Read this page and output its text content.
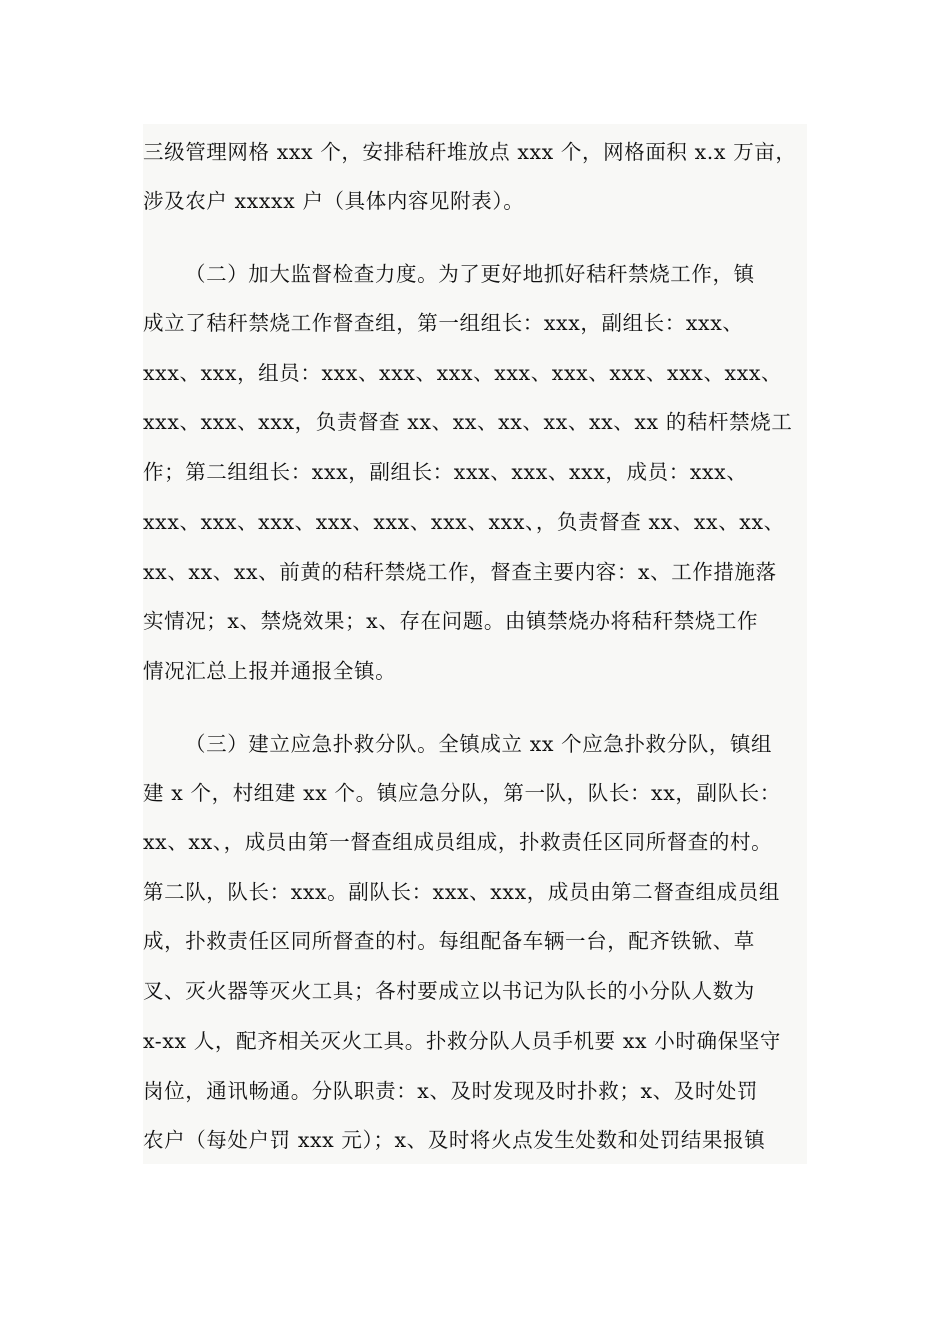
三级管理网格 xxx 个，安排秸秆堆放点 xxx 个，网格面积 x.x 万亩，
涉及农户 xxxxx 户（具体内容见附表）。
（二）加大监督检查力度。为了更好地抓好秸秆禁烧工作，镇
成立了秸秆禁烧工作督查组，第一组组长：xxx，副组长：xxx、
xxx、xxx，组员：xxx、xxx、xxx、xxx、xxx、xxx、xxx、xxx、
xxx、xxx、xxx，负责督查 xx、xx、xx、xx、xx、xx 的秸杆禁烧工
作；第二组组长：xxx，副组长：xxx、xxx、xxx，成员：xxx、
xxx、xxx、xxx、xxx、xxx、xxx、xxx、，负责督查 xx、xx、xx、
xx、xx、xx、前黄的秸秆禁烧工作，督查主要内容：x、工作措施落
实情况；x、禁烧效果；x、存在问题。由镇禁烧办将秸秆禁烧工作
情况汇总上报并通报全镇。
（三）建立应急扑救分队。全镇成立 xx 个应急扑救分队，镇组
建 x 个，村组建 xx 个。镇应急分队，第一队，队长：xx，副队长：
xx、xx、，成员由第一督查组成员组成，扑救责任区同所督查的村。
第二队，队长：xxx。副队长：xxx、xxx，成员由第二督查组成员组
成，扑救责任区同所督查的村。每组配备车辆一台，配齐铁锨、草
叉、灭火器等灭火工具；各村要成立以书记为队长的小分队人数为
x-xx 人，配齐相关灭火工具。扑救分队人员手机要 xx 小时确保坚守
岗位，通讯畅通。分队职责：x、及时发现及时扑救；x、及时处罚
农户（每处户罚 xxx 元）；x、及时将火点发生处数和处罚结果报镇
